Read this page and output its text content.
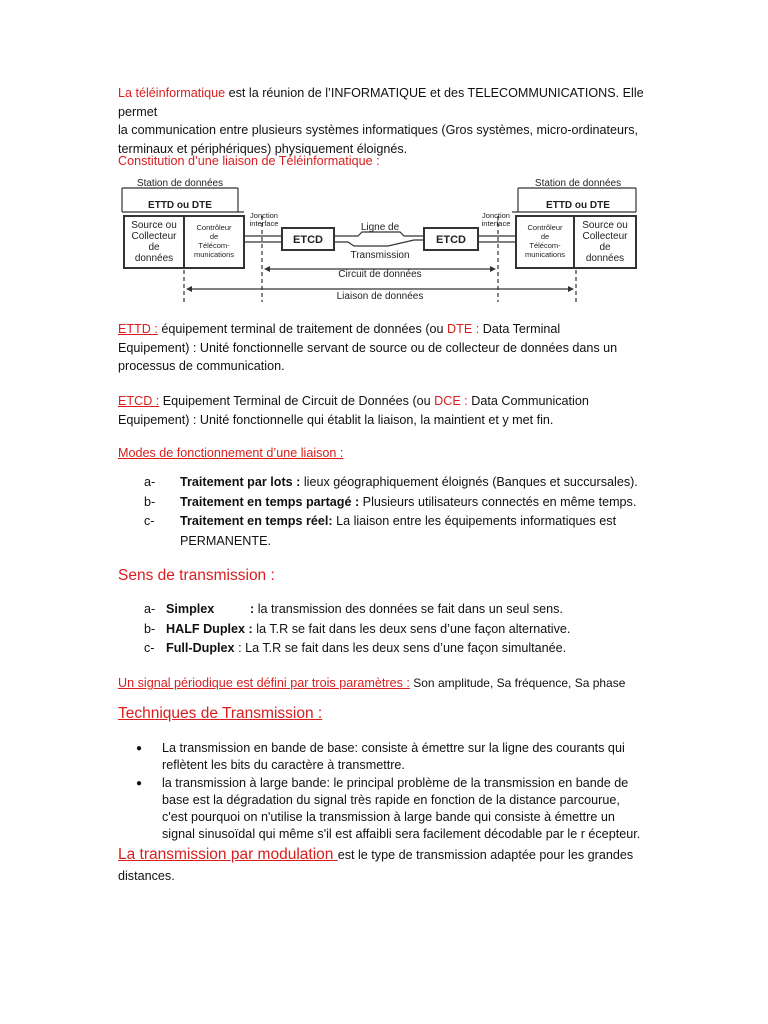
La téléinformatique est la réunion de l’INFORMATIQUE et des TELECOMMUNICATIONS. Elle permet
la communication entre plusieurs systèmes informatiques (Gros systèmes, micro-ordinateurs,
terminaux et périphériques) physiquement éloignés.
Constitution d’une liaison de Téléinformatique :
Station de données	Station de données
ETTD ou DTE	ETTD ou DTE
ETCD	ETCD
Ligne de
Transmission
Circuit de données
Liaison de données
Source ou
Collecteur
de
données
Source ou
Collecteur
de
données
Contrôleur
de
Télécom-
munications
Contrôleur
de
Télécom-
munications
Jonction
interface
Jonction
interface
ETTD : équipement terminal de traitement de données (ou DTE : Data Terminal
Equipement) : Unité fonctionnelle servant de source ou de collecteur de données dans un
processus de communication.
ETCD : Equipement Terminal de Circuit de Données (ou DCE : Data Communication
Equipement) : Unité fonctionnelle qui établit la liaison, la maintient et y met fin.
Modes de fonctionnement d’une liaison :
a- Traitement par lots : lieux géographiquement éloignés (Banques et succursales).
b- Traitement en temps partagé : Plusieurs utilisateurs connectés en même temps.
c- Traitement en temps réel: La liaison entre les équipements informatiques est
PERMANENTE.
Sens de transmission :
a- Simplex	: la transmission des données se fait dans un seul sens.
b- HALF Duplex : la T.R se fait dans les deux sens d’une façon alternative.
c- Full-Duplex : La T.R se fait dans les deux sens d’une façon simultanée.
Un signal périodique est défini par trois paramètres : Son amplitude, Sa fréquence, Sa phase
Techniques de Transmission :
● La transmission en bande de base: consiste à émettre sur la ligne des courants qui
reflètent les bits du caractère à transmettre.
● la transmission à large bande: le principal problème de la transmission en bande de
base est la dégradation du signal très rapide en fonction de la distance parcourue,
c'est pourquoi on n'utilise la transmission à large bande qui consiste à émettre un
signal sinusoïdal qui même s'il est affaibli sera facilement décodable par le r écepteur.
La transmission par modulation est le type de transmission adaptée pour les grandes
distances.
